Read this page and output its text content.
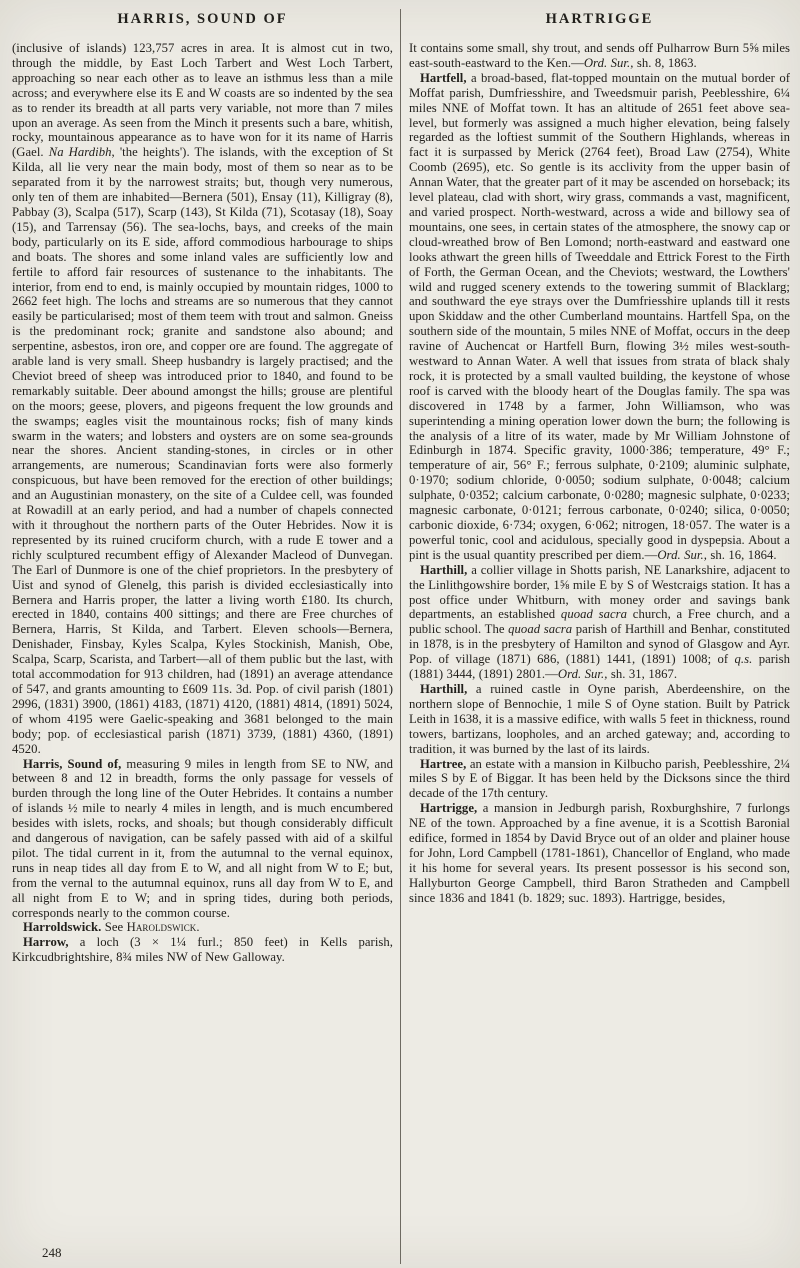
HARRIS, SOUND OF

(inclusive of islands) 123,757 acres in area. It is almost cut in two, through the middle, by East Loch Tarbert and West Loch Tarbert, approaching so near each other as to leave an isthmus less than a mile across; and everywhere else its E and W coasts are so indented by the sea as to render its breadth at all parts very variable, not more than 7 miles upon an average. As seen from the Minch it presents such a bare, whitish, rocky, mountainous appearance as to have won for it its name of Harris (Gael. Na Hardibh, 'the heights'). The islands, with the exception of St Kilda, all lie very near the main body, most of them so near as to be separated from it by the narrowest straits; but, though very numerous, only ten of them are inhabited—Bernera (501), Ensay (11), Killigray (8), Pabbay (3), Scalpa (517), Scarp (143), St Kilda (71), Scotasay (18), Soay (15), and Tarrensay (56). The sea-lochs, bays, and creeks of the main body, particularly on its E side, afford commodious harbourage to ships and boats. The shores and some inland vales are sufficiently low and fertile to afford fair resources of sustenance to the inhabitants. The interior, from end to end, is mainly occupied by mountain ridges, 1000 to 2662 feet high. The lochs and streams are so numerous that they cannot easily be particularised; most of them teem with trout and salmon. Gneiss is the predominant rock; granite and sandstone also abound; and serpentine, asbestos, iron ore, and copper ore are found. The aggregate of arable land is very small. Sheep husbandry is largely practised; and the Cheviot breed of sheep was introduced prior to 1840, and found to be remarkably suitable. Deer abound amongst the hills; grouse are plentiful on the moors; geese, plovers, and pigeons frequent the low grounds and the swamps; eagles visit the mountainous rocks; fish of many kinds swarm in the waters; and lobsters and oysters are on some sea-grounds near the shores. Ancient standing-stones, in circles or in other arrangements, are numerous; Scandinavian forts were also formerly conspicuous, but have been removed for the erection of other buildings; and an Augustinian monastery, on the site of a Culdee cell, was founded at Rowadill at an early period, and had a number of chapels connected with it throughout the northern parts of the Outer Hebrides. Now it is represented by its ruined cruciform church, with a rude E tower and a richly sculptured recumbent effigy of Alexander Macleod of Dunvegan. The Earl of Dunmore is one of the chief proprietors. In the presbytery of Uist and synod of Glenelg, this parish is divided ecclesiastically into Bernera and Harris proper, the latter a living worth £180. Its church, erected in 1840, contains 400 sittings; and there are Free churches of Bernera, Harris, St Kilda, and Tarbert. Eleven schools—Bernera, Denishader, Finsbay, Kyles Scalpa, Kyles Stockinish, Manish, Obe, Scalpa, Scarp, Scarista, and Tarbert—all of them public but the last, with total accommodation for 913 children, had (1891) an average attendance of 547, and grants amounting to £609 11s. 3d. Pop. of civil parish (1801) 2996, (1831) 3900, (1861) 4183, (1871) 4120, (1881) 4814, (1891) 5024, of whom 4195 were Gaelic-speaking and 3681 belonged to the main body; pop. of ecclesiastical parish (1871) 3739, (1881) 4360, (1891) 4520.

Harris, Sound of, measuring 9 miles in length from SE to NW, and between 8 and 12 in breadth, forms the only passage for vessels of burden through the long line of the Outer Hebrides. It contains a number of islands ½ mile to nearly 4 miles in length, and is much encumbered besides with islets, rocks, and shoals; but though considerably difficult and dangerous of navigation, can be safely passed with aid of a skilful pilot. The tidal current in it, from the autumnal to the vernal equinox, runs in neap tides all day from E to W, and all night from W to E; but, from the vernal to the autumnal equinox, runs all day from W to E, and all night from E to W; and in spring tides, during both periods, corresponds nearly to the common course.

Harroldswick. See Haroldswick.

Harrow, a loch (3 × 1¼ furl.; 850 feet) in Kells parish, Kirkcudbrightshire, 8¾ miles NW of New Galloway.

HARTRIGGE

It contains some small, shy trout, and sends off Pulharrow Burn 5⅝ miles east-south-eastward to the Ken.—Ord. Sur., sh. 8, 1863.

Hartfell, a broad-based, flat-topped mountain on the mutual border of Moffat parish, Dumfriesshire, and Tweedsmuir parish, Peeblesshire, 6¼ miles NNE of Moffat town. It has an altitude of 2651 feet above sea-level, but formerly was assigned a much higher elevation, being falsely regarded as the loftiest summit of the Southern Highlands, whereas in fact it is surpassed by Merick (2764 feet), Broad Law (2754), White Coomb (2695), etc. So gentle is its acclivity from the upper basin of Annan Water, that the greater part of it may be ascended on horseback; its level plateau, clad with short, wiry grass, commands a vast, magnificent, and varied prospect. North-westward, across a wide and billowy sea of mountains, one sees, in certain states of the atmosphere, the snowy cap or cloud-wreathed brow of Ben Lomond; north-eastward and eastward one looks athwart the green hills of Tweeddale and Ettrick Forest to the Firth of Forth, the German Ocean, and the Cheviots; westward, the Lowthers' wild and rugged scenery extends to the towering summit of Blacklarg; and southward the eye strays over the Dumfriesshire uplands till it rests upon Skiddaw and the other Cumberland mountains. Hartfell Spa, on the southern side of the mountain, 5 miles NNE of Moffat, occurs in the deep ravine of Auchencat or Hartfell Burn, flowing 3½ miles west-south-westward to Annan Water. A well that issues from strata of black shaly rock, it is protected by a small vaulted building, the keystone of whose roof is carved with the bloody heart of the Douglas family. The spa was discovered in 1748 by a farmer, John Williamson, who was superintending a mining operation lower down the burn; the following is the analysis of a litre of its water, made by Mr William Johnstone of Edinburgh in 1874. Specific gravity, 1000·386; temperature, 49° F.; temperature of air, 56° F.; ferrous sulphate, 0·2109; aluminic sulphate, 0·1970; sodium chloride, 0·0050; sodium sulphate, 0·0048; calcium sulphate, 0·0352; calcium carbonate, 0·0280; magnesic sulphate, 0·0233; magnesic carbonate, 0·0121; ferrous carbonate, 0·0240; silica, 0·0050; carbonic dioxide, 6·734; oxygen, 6·062; nitrogen, 18·057. The water is a powerful tonic, cool and acidulous, specially good in dyspepsia. About a pint is the usual quantity prescribed per diem.—Ord. Sur., sh. 16, 1864.

Harthill, a collier village in Shotts parish, NE Lanarkshire, adjacent to the Linlithgowshire border, 1⅝ mile E by S of Westcraigs station. It has a post office under Whitburn, with money order and savings bank departments, an established quoad sacra church, a Free church, and a public school. The quoad sacra parish of Harthill and Benhar, constituted in 1878, is in the presbytery of Hamilton and synod of Glasgow and Ayr. Pop. of village (1871) 686, (1881) 1441, (1891) 1008; of q.s. parish (1881) 3444, (1891) 2801.—Ord. Sur., sh. 31, 1867.

Harthill, a ruined castle in Oyne parish, Aberdeenshire, on the northern slope of Bennochie, 1 mile S of Oyne station. Built by Patrick Leith in 1638, it is a massive edifice, with walls 5 feet in thickness, round towers, bartizans, loopholes, and an arched gateway; and, according to tradition, it was burned by the last of its lairds.

Hartree, an estate with a mansion in Kilbucho parish, Peeblesshire, 2¼ miles S by E of Biggar. It has been held by the Dicksons since the third decade of the 17th century.

Hartrigge, a mansion in Jedburgh parish, Roxburghshire, 7 furlongs NE of the town. Approached by a fine avenue, it is a Scottish Baronial edifice, formed in 1854 by David Bryce out of an older and plainer house for John, Lord Campbell (1781-1861), Chancellor of England, who made it his home for several years. Its present possessor is his second son, Hallyburton George Campbell, third Baron Stratheden and Campbell since 1836 and 1841 (b. 1829; suc. 1893). Hartrigge, besides,

248
